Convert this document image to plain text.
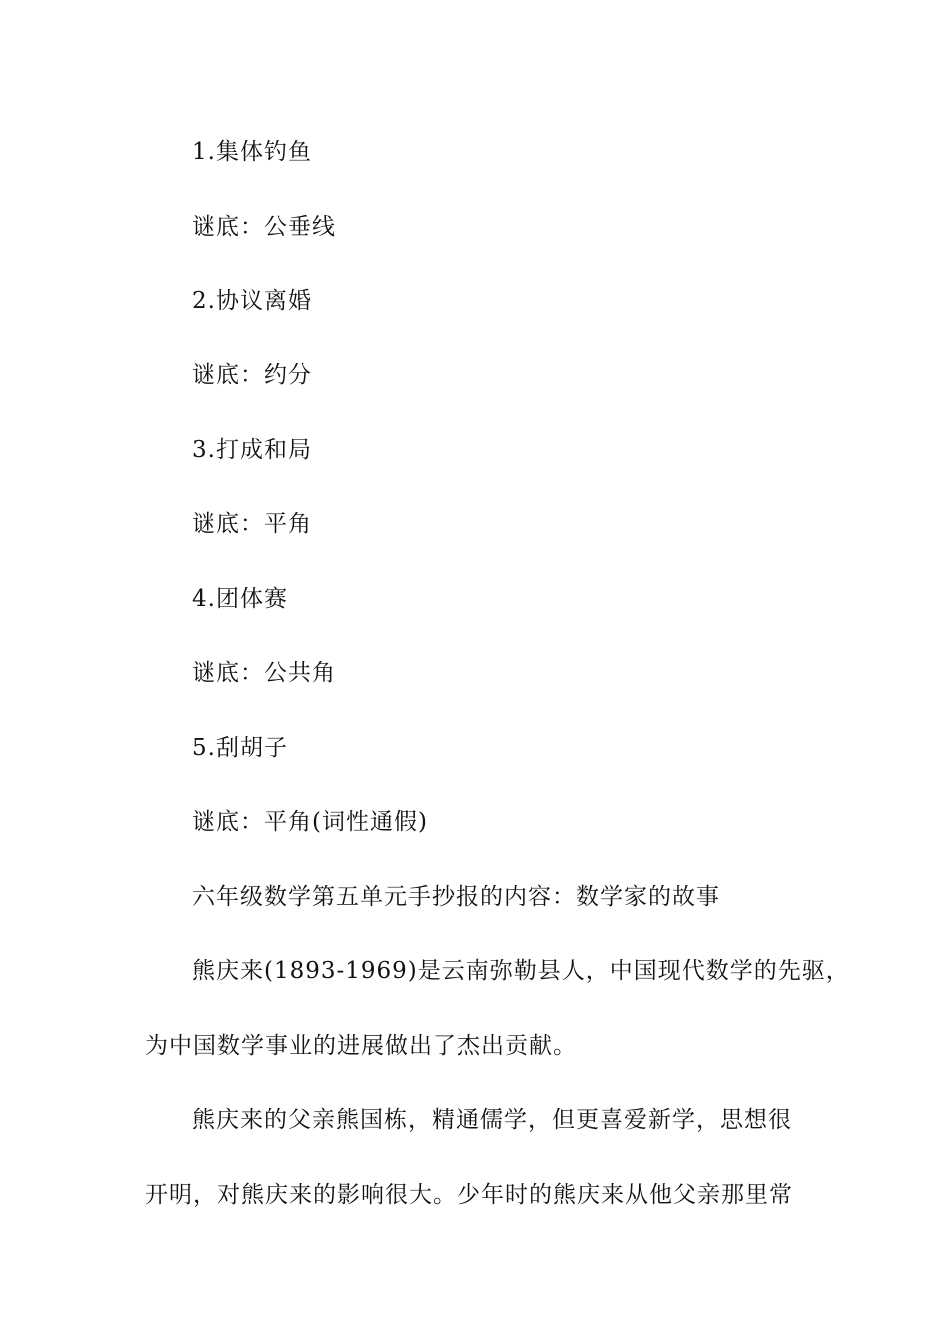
1.集体钓鱼
谜底：公垂线
2.协议离婚
谜底：约分
3.打成和局
谜底：平角
4.团体赛
谜底：公共角
5.刮胡子
谜底：平角(词性通假)
六年级数学第五单元手抄报的内容：数学家的故事
熊庆来(1893-1969)是云南弥勒县人，中国现代数学的先驱，
为中国数学事业的进展做出了杰出贡献。
熊庆来的父亲熊国栋，精通儒学，但更喜爱新学，思想很
开明，对熊庆来的影响很大。少年时的熊庆来从他父亲那里常
